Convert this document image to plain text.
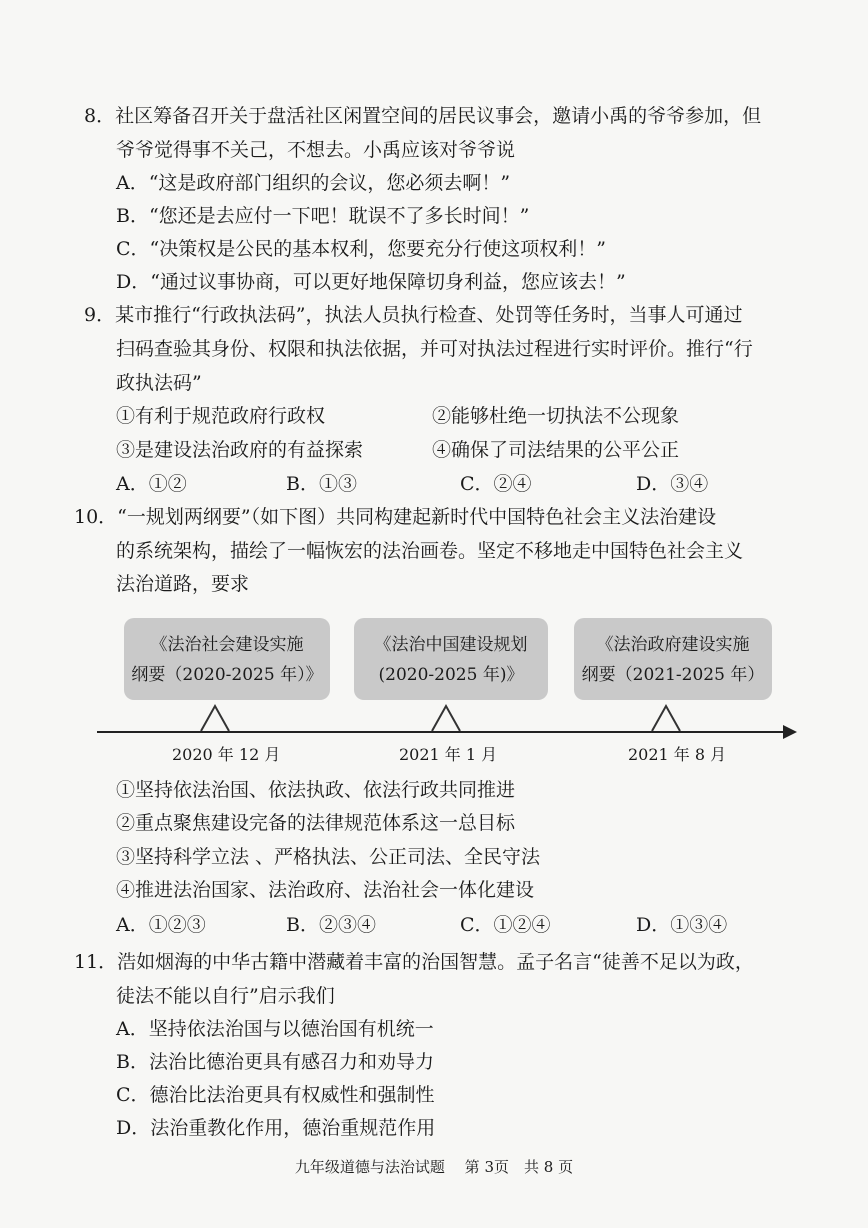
8．社区筹备召开关于盘活社区闲置空间的居民议事会，邀请小禹的爷爷参加，但
爷爷觉得事不关己，不想去。小禹应该对爷爷说
A．“这是政府部门组织的会议，您必须去啊！”
B．“您还是去应付一下吧！耽误不了多长时间！”
C．“决策权是公民的基本权利，您要充分行使这项权利！”
D．“通过议事协商，可以更好地保障切身利益，您应该去！”
9．某市推行“行政执法码”，执法人员执行检查、处罚等任务时，当事人可通过
扫码查验其身份、权限和执法依据，并可对执法过程进行实时评价。推行“行
政执法码”
①有利于规范政府行政权	②能够杜绝一切执法不公现象
③是建设法治政府的有益探索	④确保了司法结果的公平公正
A．①②	B．①③	C．②④	D．③④
10．“一规划两纲要”（如下图）共同构建起新时代中国特色社会主义法治建设
的系统架构，描绘了一幅恢宏的法治画卷。坚定不移地走中国特色社会主义
法治道路，要求
《法治社会建设实施
纲要（2020-2025 年）》
《法治中国建设规划
(2020-2025 年)》
《法治政府建设实施
纲要（2021-2025 年）
2020 年 12 月	2021 年 1 月	2021 年 8 月
①坚持依法治国、依法执政、依法行政共同推进
②重点聚焦建设完备的法律规范体系这一总目标
③坚持科学立法 、严格执法、公正司法、全民守法
④推进法治国家、法治政府、法治社会一体化建设
A．①②③	B．②③④	C．①②④	D．①③④
11．浩如烟海的中华古籍中潜藏着丰富的治国智慧。孟子名言“徒善不足以为政，
徒法不能以自行”启示我们
A．坚持依法治国与以德治国有机统一
B．法治比德治更具有感召力和劝导力
C．德治比法治更具有权威性和强制性
D．法治重教化作用，德治重规范作用
九年级道德与法治试题　 第 3页　共 8 页
